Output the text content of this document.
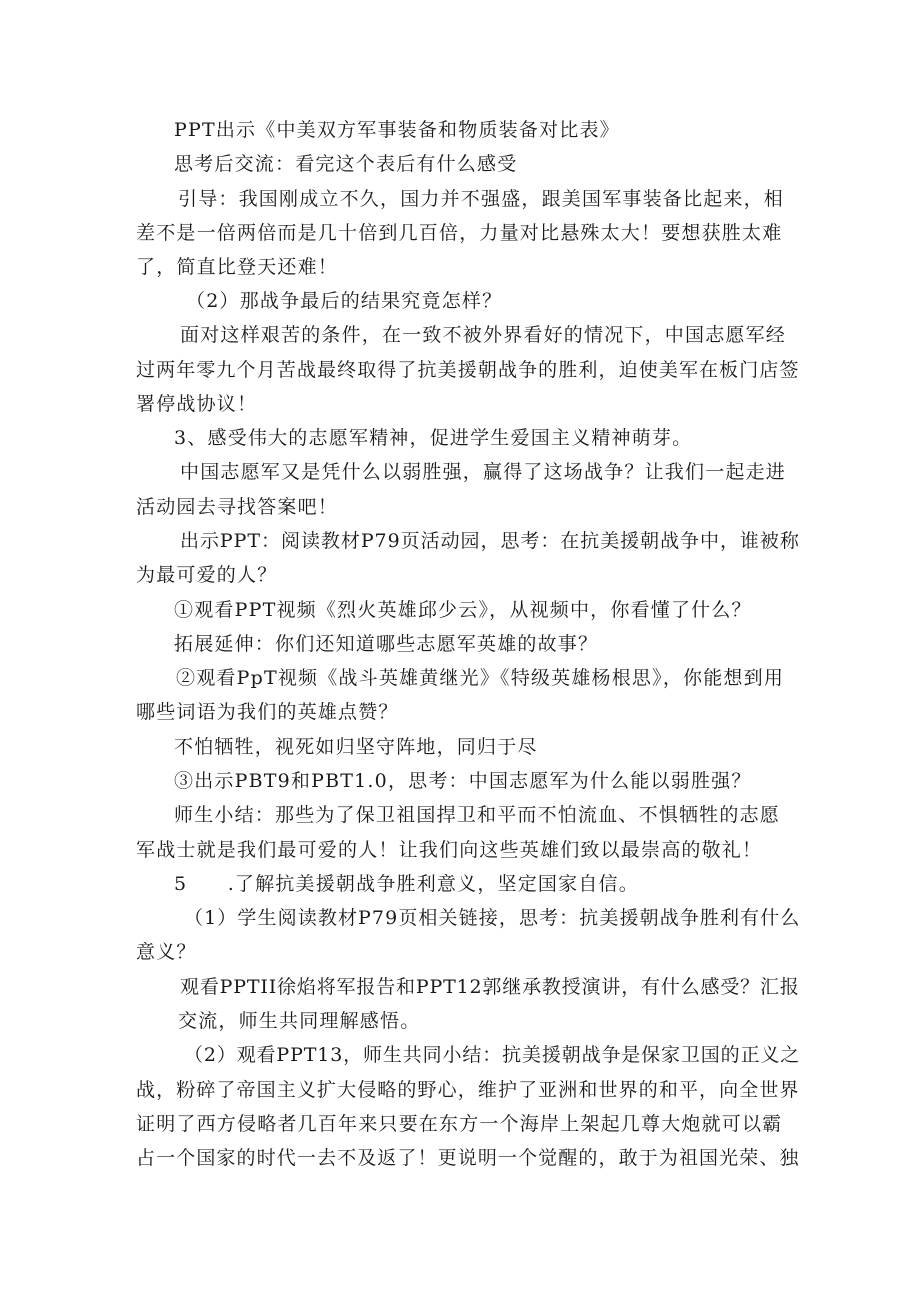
PPT出示《中美双方军事装备和物质装备对比表》
思考后交流：看完这个表后有什么感受
引导：我国刚成立不久，国力并不强盛，跟美国军事装备比起来，相
差不是一倍两倍而是几十倍到几百倍，力量对比悬殊太大！要想获胜太难
了，简直比登天还难！
（2）那战争最后的结果究竟怎样？
面对这样艰苦的条件，在一致不被外界看好的情况下，中国志愿军经
过两年零九个月苦战最终取得了抗美援朝战争的胜利，迫使美军在板门店签
署停战协议！
3、感受伟大的志愿军精神，促进学生爱国主义精神萌芽。
中国志愿军又是凭什么以弱胜强，赢得了这场战争？让我们一起走进
活动园去寻找答案吧！
出示PPT：阅读教材P79页活动园，思考：在抗美援朝战争中，谁被称
为最可爱的人？
①观看PPT视频《烈火英雄邱少云》，从视频中，你看懂了什么？
拓展延伸：你们还知道哪些志愿军英雄的故事？
②观看PpT视频《战斗英雄黄继光》《特级英雄杨根思》，你能想到用
哪些词语为我们的英雄点赞？
不怕牺牲，视死如归坚守阵地，同归于尽
③出示PBT9和PBT1.0，思考：中国志愿军为什么能以弱胜强？
师生小结：那些为了保卫祖国捍卫和平而不怕流血、不惧牺牲的志愿
军战士就是我们最可爱的人！让我们向这些英雄们致以最崇高的敬礼！
5　　.了解抗美援朝战争胜利意义，坚定国家自信。
（1）学生阅读教材P79页相关链接，思考：抗美援朝战争胜利有什么
意义？
观看PPTII徐焰将军报告和PPT12郭继承教授演讲，有什么感受？汇报
交流，师生共同理解感悟。
（2）观看PPT13，师生共同小结：抗美援朝战争是保家卫国的正义之
战，粉碎了帝国主义扩大侵略的野心，维护了亚洲和世界的和平，向全世界
证明了西方侵略者几百年来只要在东方一个海岸上架起几尊大炮就可以霸
占一个国家的时代一去不及返了！更说明一个觉醒的，敢于为祖国光荣、独
